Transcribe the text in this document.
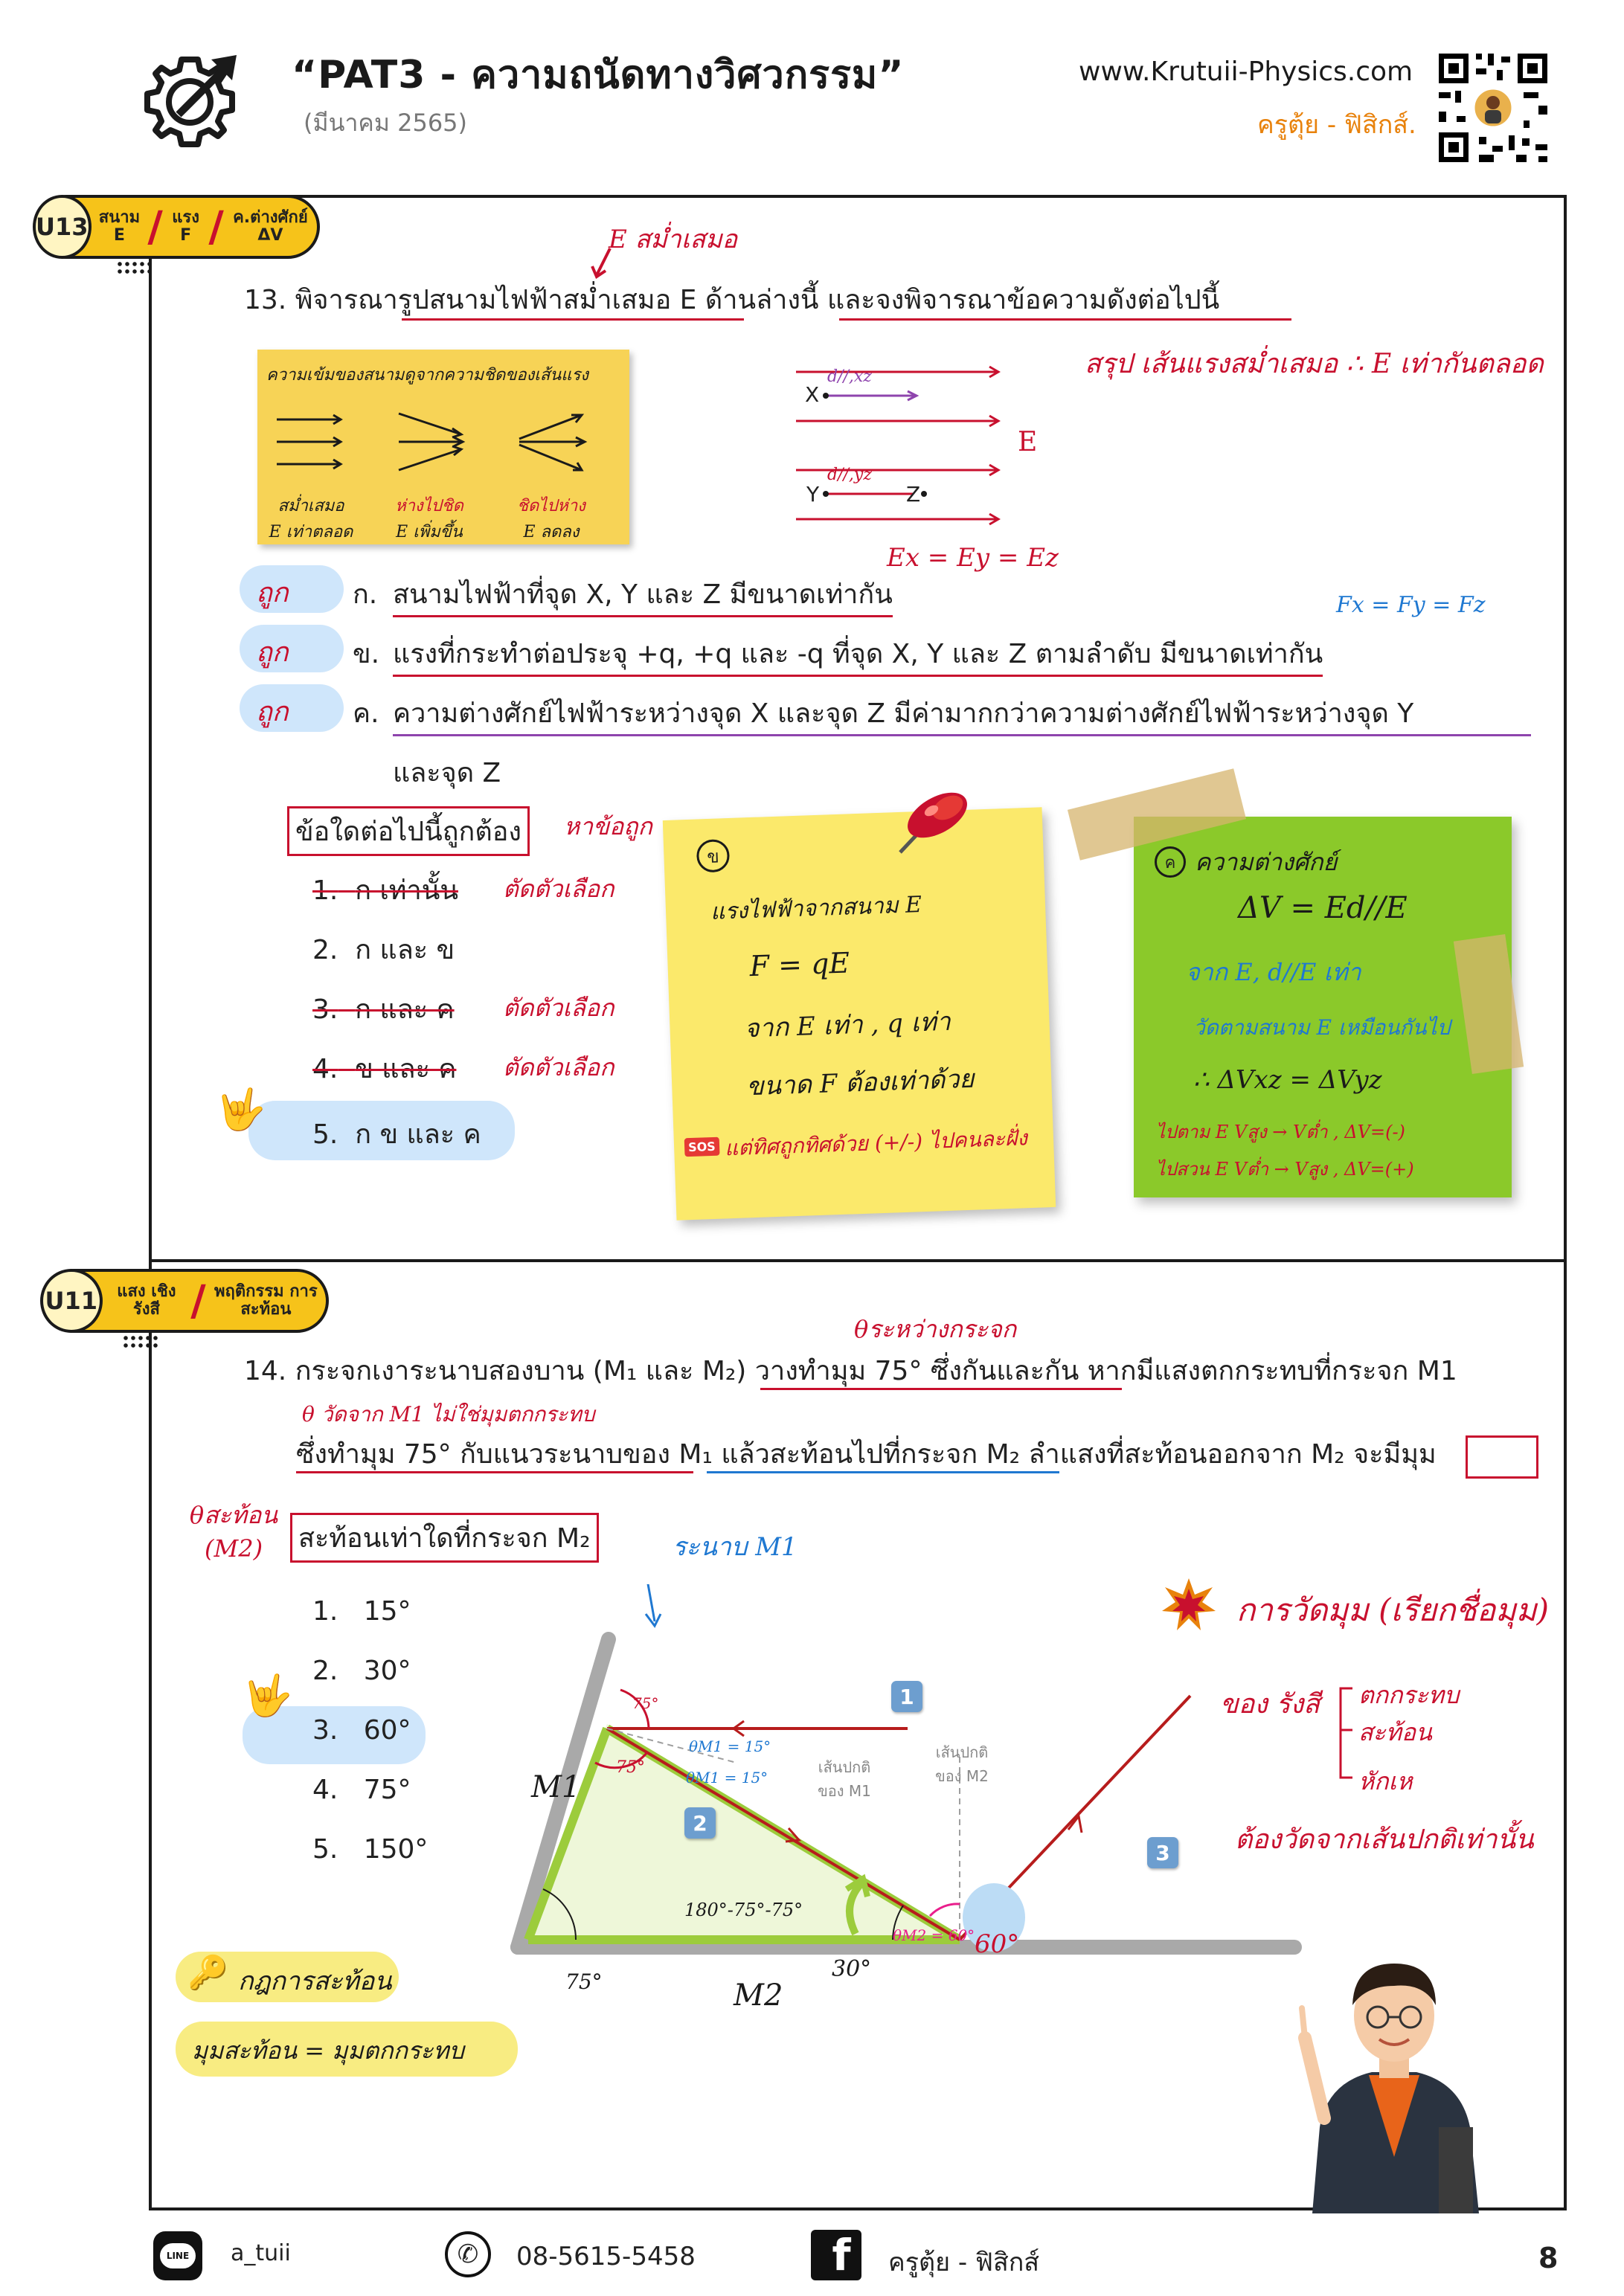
“PAT3 - ความถนัดทางวิศวกรรม”
(มีนาคม 2565)
www.Krutuii-Physics.com
ครูตุ้ย - ฟิสิกส์.
U13 สนาม E / แรง F / ค.ต่างศักย์ ΔV	E สม่ำเสมอ
13. พิจารณารูปสนามไฟฟ้าสม่ำเสมอ E ด้านล่างนี้ และจงพิจารณาข้อความดังต่อไปนี้
สรุป เส้นแรงสม่ำเสมอ ∴ E เท่ากันตลอด
ความเข้มของสนามดูจากความชิดของเส้นแรง
สม่ำเสมอ
E เท่าตลอด
ห่างไปชิด
E เพิ่มขึ้น
ชิดไปห่าง
E ลดลง
X
d//,xz
Y	Z
d//,yz
E
Ex = Ey = Ez
ถูก ก. สนามไฟฟ้าที่จุด X, Y และ Z มีขนาดเท่ากัน	Fx = Fy = Fz
ถูก ข. แรงที่กระทำต่อประจุ +q, +q และ -q ที่จุด X, Y และ Z ตามลำดับ มีขนาดเท่ากัน
ถูก ค. ความต่างศักย์ไฟฟ้าระหว่างจุด X และจุด Z มีค่ามากกว่าความต่างศักย์ไฟฟ้าระหว่างจุด Y
และจุด Z
ข้อใดต่อไปนี้ถูกต้อง	หาข้อถูก
1. ก เท่านั้น ตัดตัวเลือก
2. ก และ ข
3. ก และ ค ตัดตัวเลือก
4. ข และ ค ตัดตัวเลือก
🤟
5. ก ข และ ค
ข
แรงไฟฟ้าจากสนาม E
F = qE
จาก E เท่า , q เท่า
ขนาด F ต้องเท่าด้วย
SOS แต่ทิศถูกทิศด้วย (+/-) ไปคนละฝั่ง
ค ความต่างศักย์
ΔV = Ed//E
จาก E, d//E เท่า
วัดตามสนาม E เหมือนกันไป
∴ ΔVxz = ΔVyz
ไปตาม E Vสูง → Vต่ำ , ΔV=(-)
ไปสวน E Vต่ำ → Vสูง , ΔV=(+)
U11	แสง เชิงรังสี / พฤติกรรม การสะท้อน
θระหว่างกระจก
14. กระจกเงาระนาบสองบาน (M₁ และ M₂) วางทำมุม 75° ซึ่งกันและกัน หากมีแสงตกกระทบที่กระจก M1
θ วัดจาก M1 ไม่ใช่มุมตกกระทบ
ซึ่งทำมุม 75° กับแนวระนาบของ M₁ แล้วสะท้อนไปที่กระจก M₂ ลำแสงที่สะท้อนออกจาก M₂ จะมีมุม
θสะท้อน (M2)	สะท้อนเท่าใดที่กระจก M₂
1. 15°
2. 30°
🤟
3. 60°
4. 75°
5. 150°
🔑 กฎการสะท้อน
มุมสะท้อน = มุมตกกระทบ
ระนาบ M1
M1
M2
75°
75°
75°
θM1 = 15°
θM1 = 15°
เส้นปกติ ของ M1
เส้นปกติ ของ M2
180°-75°-75°
30°
θM2 = 60° 60°
1
2
3
การวัดมุม (เรียกชื่อมุม)
ของ รังสี ตกกระทบ
สะท้อน
หักเห
ต้องวัดจากเส้นปกติเท่านั้น
LINE a_tuii	✆	08-5615-5458	f	ครูตุ้ย - ฟิสิกส์	8
